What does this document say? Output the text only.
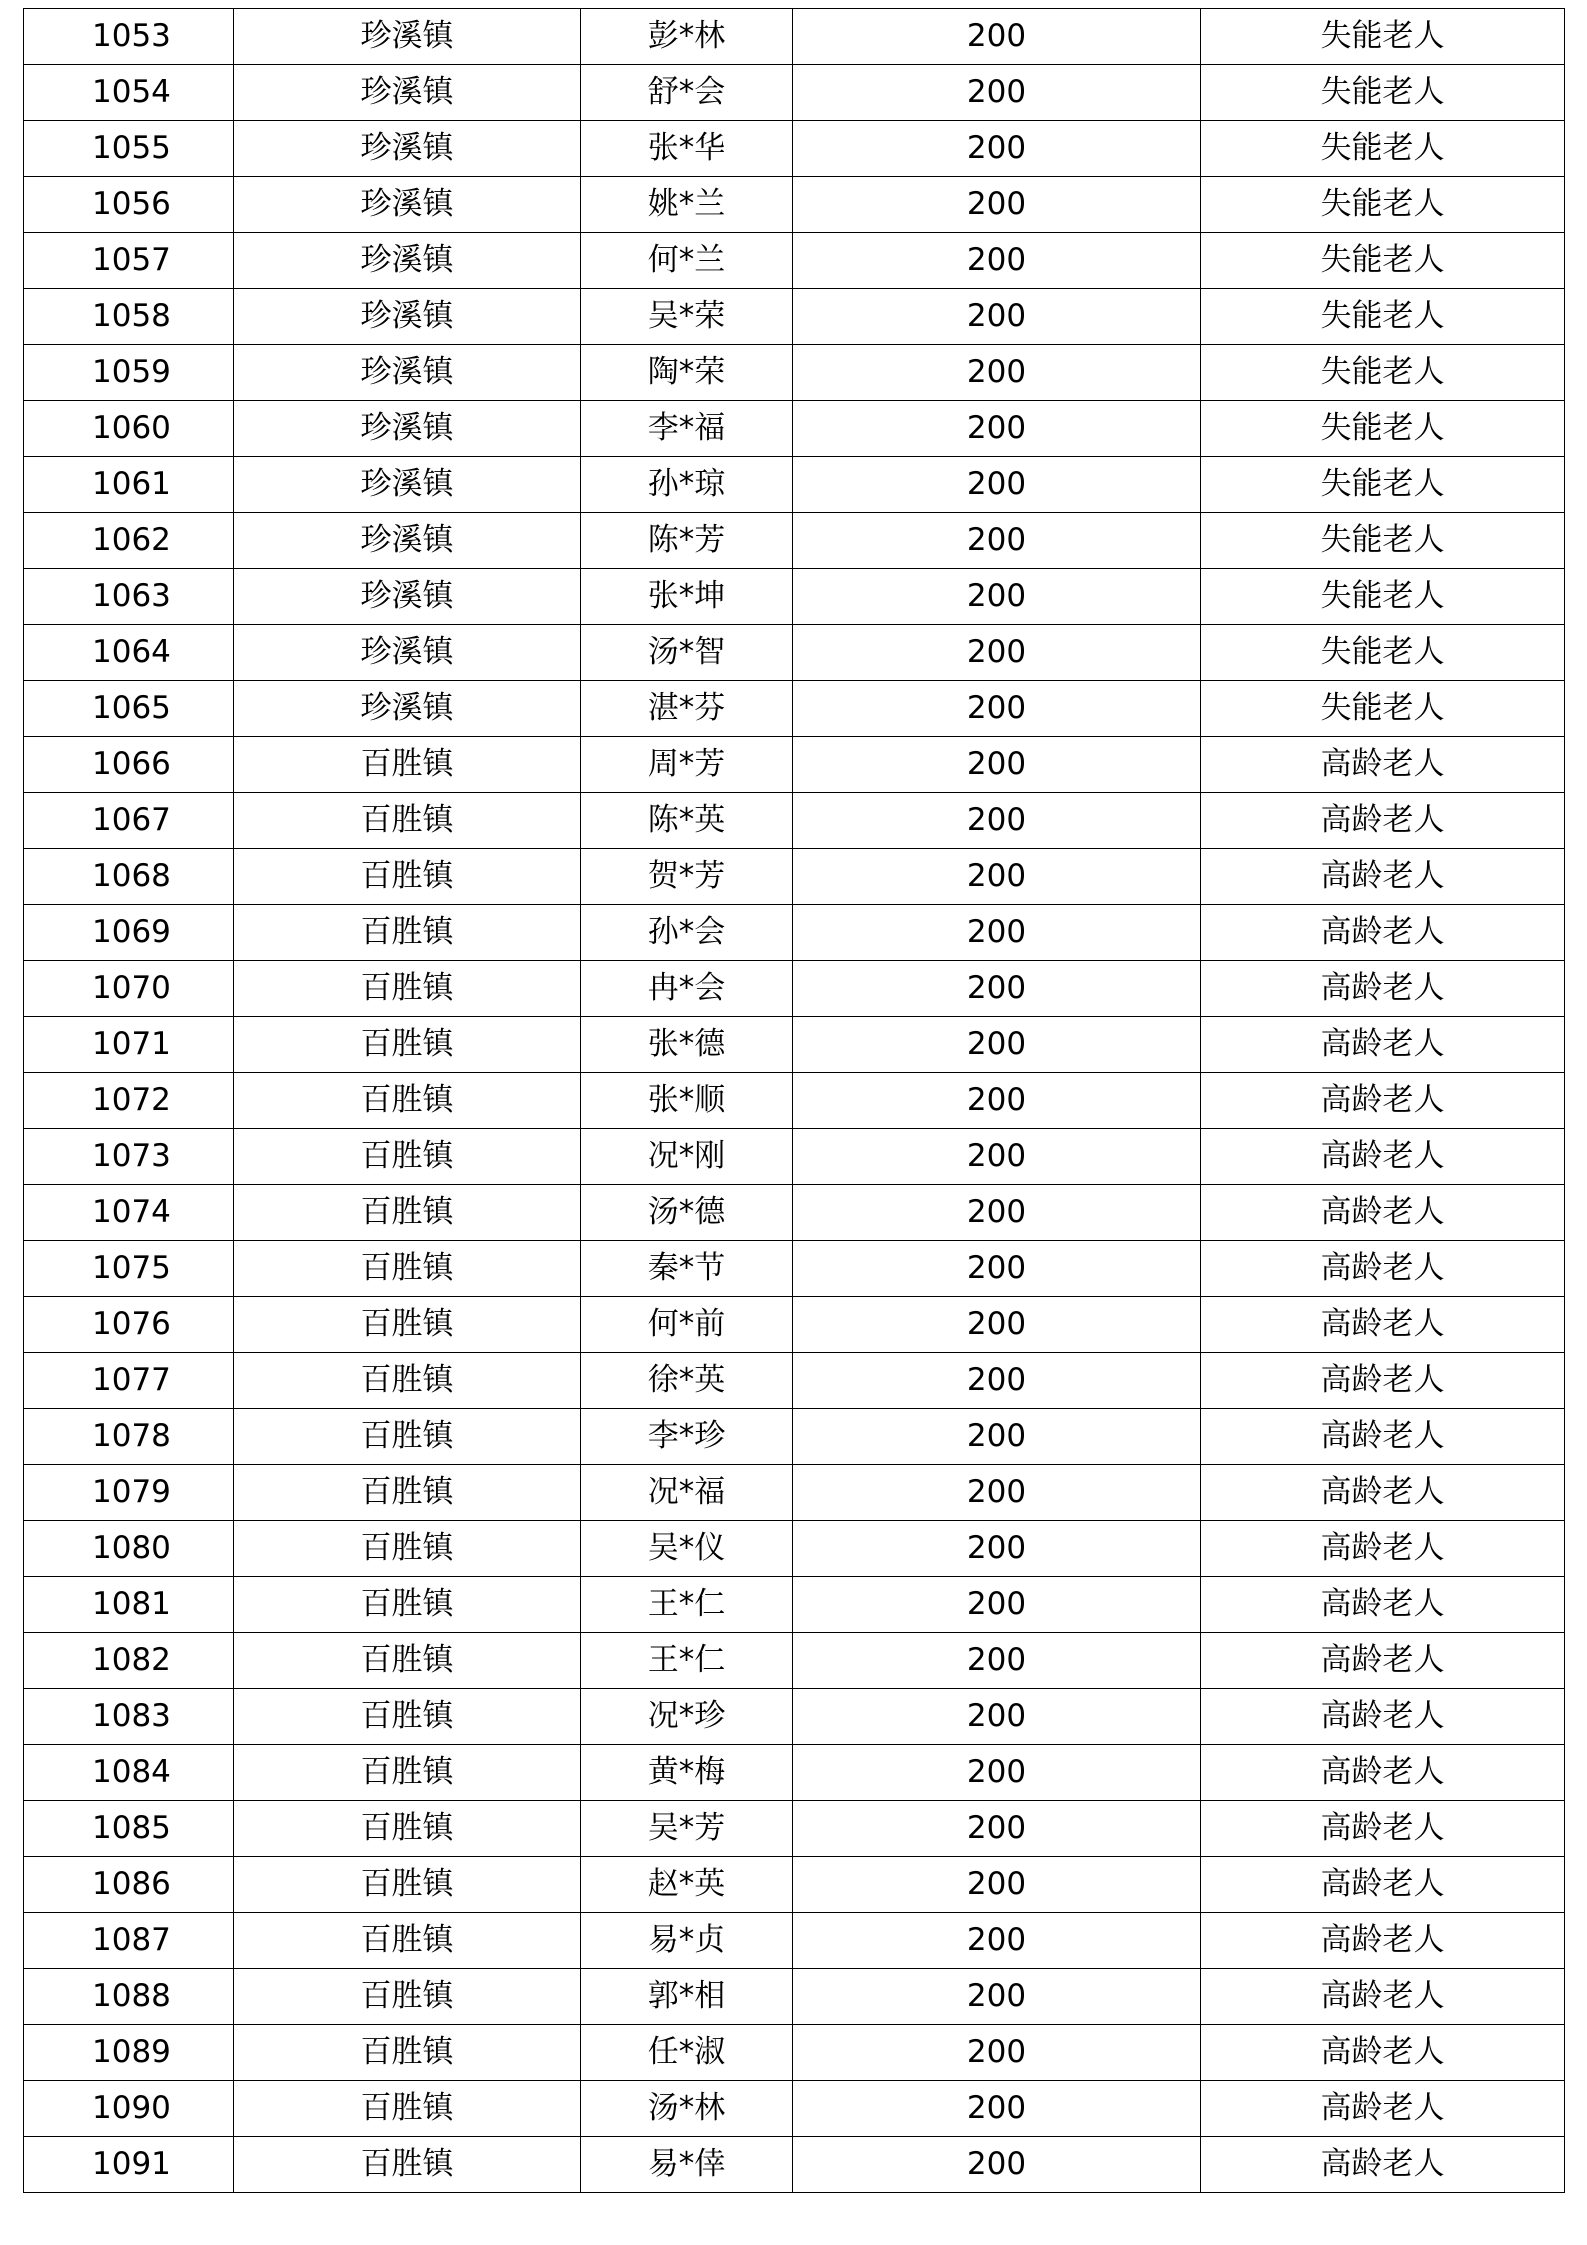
1053	珍溪镇	彭*林	200	失能老人
1054	珍溪镇	舒*会	200	失能老人
1055	珍溪镇	张*华	200	失能老人
1056	珍溪镇	姚*兰	200	失能老人
1057	珍溪镇	何*兰	200	失能老人
1058	珍溪镇	吴*荣	200	失能老人
1059	珍溪镇	陶*荣	200	失能老人
1060	珍溪镇	李*福	200	失能老人
1061	珍溪镇	孙*琼	200	失能老人
1062	珍溪镇	陈*芳	200	失能老人
1063	珍溪镇	张*坤	200	失能老人
1064	珍溪镇	汤*智	200	失能老人
1065	珍溪镇	湛*芬	200	失能老人
1066	百胜镇	周*芳	200	高龄老人
1067	百胜镇	陈*英	200	高龄老人
1068	百胜镇	贺*芳	200	高龄老人
1069	百胜镇	孙*会	200	高龄老人
1070	百胜镇	冉*会	200	高龄老人
1071	百胜镇	张*德	200	高龄老人
1072	百胜镇	张*顺	200	高龄老人
1073	百胜镇	况*刚	200	高龄老人
1074	百胜镇	汤*德	200	高龄老人
1075	百胜镇	秦*节	200	高龄老人
1076	百胜镇	何*前	200	高龄老人
1077	百胜镇	徐*英	200	高龄老人
1078	百胜镇	李*珍	200	高龄老人
1079	百胜镇	况*福	200	高龄老人
1080	百胜镇	吴*仪	200	高龄老人
1081	百胜镇	王*仁	200	高龄老人
1082	百胜镇	王*仁	200	高龄老人
1083	百胜镇	况*珍	200	高龄老人
1084	百胜镇	黄*梅	200	高龄老人
1085	百胜镇	吴*芳	200	高龄老人
1086	百胜镇	赵*英	200	高龄老人
1087	百胜镇	易*贞	200	高龄老人
1088	百胜镇	郭*相	200	高龄老人
1089	百胜镇	任*淑	200	高龄老人
1090	百胜镇	汤*林	200	高龄老人
1091	百胜镇	易*倖	200	高龄老人
